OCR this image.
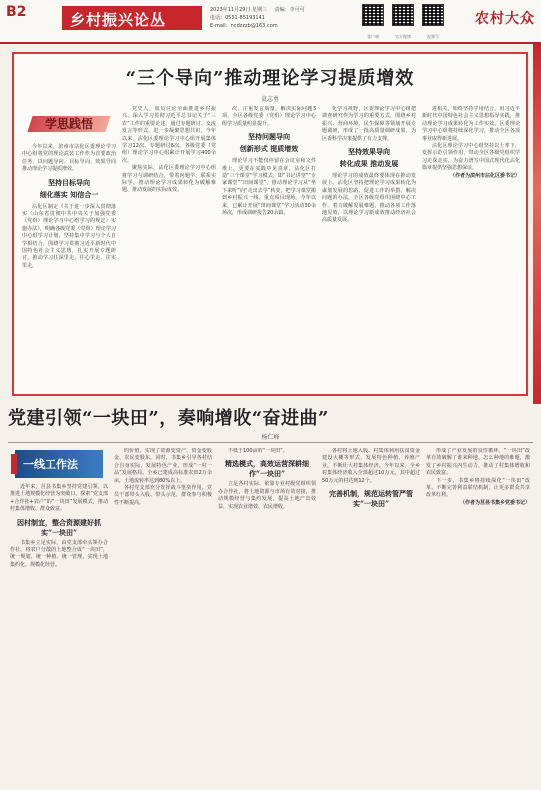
B2	乡村振兴论丛
2023年11月29日 星期三 责编：李可可
电话：0531-85193141
E-mail：ncdzzzb@163.com
客户端	官方微博	视频号
农村大众
“三个导向”推动理论学习提质增效
袁志勇
学思践悟

今年以来，滨州市沾化区委理论学习中心组将党的理论武装工作作为首要政治任务，以问题导向、目标导向、效果导向推动理论学习提质增效。

坚持目标导向
细化落实 知信合一

沾化区制定《关于进一步深入贯彻落实〈山东省贯彻中共中央关于加强党委（党组）理论学习中心组学习的规定〉实施办法》，明确各级党委（党组）理论学习中心组学习计划，坚持集中学习与个人自学相结合，围绕学习贯彻习近平新时代中国特色社会主义思想，扎实开展专题研讨，推动学习往深里走、往心里走、往实里走。

党史人。成员讨论全面推进乡村振兴、深入学习贯彻习近平总书记关于“三农”工作的重要论述，通过专题研讨、交流发言等形式，进一步凝聚思想共识。今年以来，沾化区委理论学习中心组开展集体学习12次、专题研讨6次，各级党委（党组）理论学习中心组累计开展学习400余次。

聚焦实际，沾化区委理论学习中心组将学习与调研结合，带着问题学、联系实际学，推动理论学习成果转化为破解难题、推动发展的实际成效。

次，注重发言质量，解决实际问题3项。全区各级党委（党组）理论学习中心组学习质量明显提升。

坚持问题导向
创新形式 提质增效

理论学习不能仅停留在会议室和文件堆上，更要在实践中见真章。沾化区打造“三个课堂”学习模式，即“书记讲堂”“专家课堂”“田间课堂”，推动理论学习从“坐下来听”向“走出去学”转变，把学习课堂搬到乡村振兴一线、重点项目现场。今年以来，已累计开展“田间课堂”学习活动30余场次，形成调研报告20余篇。

化学习视野，区委理论学习中心组把调查研究作为学习的重要方式，围绕乡村振兴、营商环境、民生保障等领域开展专题调研，形成了一批高质量调研成果，为区委科学决策提供了有力支撑。

坚持效果导向
转化成果 推动发展

理论学习的成效最终要体现在推动发展上。沾化区坚持把理论学习成果转化为谋划发展的思路、促进工作的举措、解决问题的办法，全区各级党组织围绕中心工作，着力破解发展难题，推动各项工作落地见效，以理论学习新成效推动经济社会高质量发展。

进相关，始终坚持学用结合，用习近平新时代中国特色社会主义思想指导实践，推动理论学习成果转化为工作实效。区委理论学习中心组将持续深化学习，推动全区各项事业取得新进展。

沾化区理论学习中心组坚持以上率下，发挥示范引领作用，带动全区各级党组织学习走深走实，为奋力谱写中国式现代化沾化篇章提供坚强思想保证。

（作者为滨州市沾化区委书记）

党建引领“一块田”，奏响增收“奋进曲”
杨仁峰
一线工作法

近年来，莒县书集乡坚持党建引领，以推进土地规模化经营为突破口，探索“党支部+合作社+农户”的“一块田”发展模式，推动村集体增收、群众致富。

因村制宜，整合资源建好抓实“一块田”

书集乡立足实际，由党支部牵头领办合作社，将农户分散的土地整合成“一块田”，统一规划、统一种植、统一管理，实现土地集约化、规模化经营。

的价值，实现了资源变资产、资金变股金、农民变股东。同时，书集乡引导各村结合自身实际，发展特色产业，形成“一村一品”发展格局。全乡已建成高标准农田2万余亩，土地流转率达到80%以上。

各村党支部充分发挥战斗堡垒作用，党员干部带头入股、带头示范，群众参与积极性不断提高。

不低于100亩的“一块田”。

精选模式，高效运营深耕细作“一块田”

立足各村实际，依靠专业村级党组织领办合作社，将土地资源与市场有效对接，推动规模经营与集约发展，提高土地产出效益，实现农业增效、农民增收。

各村将土地入股、村集体利用扶贫资金建设大棚等形式，发展特色种植、养殖产业，不断壮大村集体经济。今年以来，全乡村集体经济收入全部超过10万元，其中超过50万元的村达到12个。

完善机制，规范运转管严管实“一块田”

形成了产业发展的良性循环。“一块田”改革有效破解了谁来种地、怎么种地的难题，激发了乡村振兴内生动力，推动了村集体增收和农民致富。

下一步，书集乡将持续深化“一块田”改革，不断完善利益联结机制，让更多群众共享改革红利。

（作者为莒县书集乡党委书记）
